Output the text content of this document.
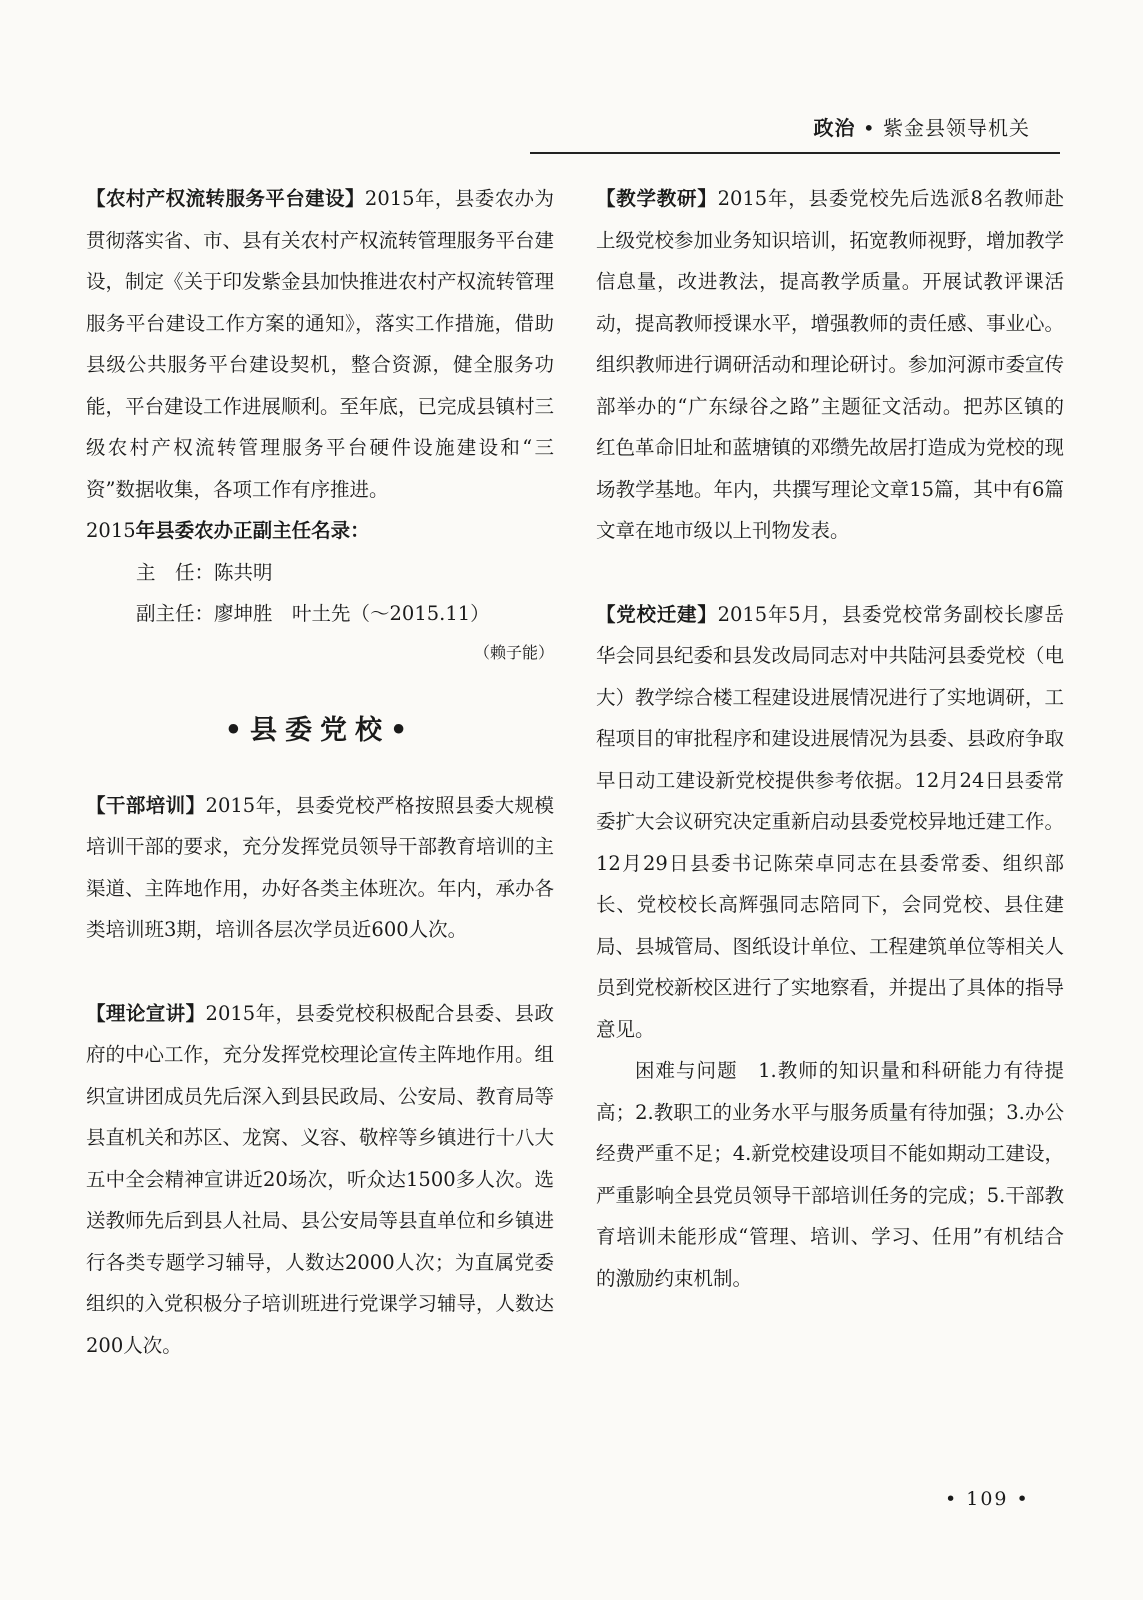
政治 • 紫金县领导机关

【农村产权流转服务平台建设】2015年，县委农办为贯彻落实省、市、县有关农村产权流转管理服务平台建设，制定《关于印发紫金县加快推进农村产权流转管理服务平台建设工作方案的通知》，落实工作措施，借助县级公共服务平台建设契机，整合资源，健全服务功能，平台建设工作进展顺利。至年底，已完成县镇村三级农村产权流转管理服务平台硬件设施建设和“三资”数据收集，各项工作有序推进。

2015年县委农办正副主任名录：

主　任：陈共明

副主任：廖坤胜　叶土先（～2015.11）

（赖子能）

•县委党校•

【干部培训】2015年，县委党校严格按照县委大规模培训干部的要求，充分发挥党员领导干部教育培训的主渠道、主阵地作用，办好各类主体班次。年内，承办各类培训班3期，培训各层次学员近600人次。

【理论宣讲】2015年，县委党校积极配合县委、县政府的中心工作，充分发挥党校理论宣传主阵地作用。组织宣讲团成员先后深入到县民政局、公安局、教育局等县直机关和苏区、龙窝、义容、敬梓等乡镇进行十八大五中全会精神宣讲近20场次，听众达1500多人次。选送教师先后到县人社局、县公安局等县直单位和乡镇进行各类专题学习辅导，人数达2000人次；为直属党委组织的入党积极分子培训班进行党课学习辅导，人数达200人次。

【教学教研】2015年，县委党校先后选派8名教师赴上级党校参加业务知识培训，拓宽教师视野，增加教学信息量，改进教法，提高教学质量。开展试教评课活动，提高教师授课水平，增强教师的责任感、事业心。组织教师进行调研活动和理论研讨。参加河源市委宣传部举办的“广东绿谷之路”主题征文活动。把苏区镇的红色革命旧址和蓝塘镇的邓缵先故居打造成为党校的现场教学基地。年内，共撰写理论文章15篇，其中有6篇文章在地市级以上刊物发表。

【党校迁建】2015年5月，县委党校常务副校长廖岳华会同县纪委和县发改局同志对中共陆河县委党校（电大）教学综合楼工程建设进展情况进行了实地调研，工程项目的审批程序和建设进展情况为县委、县政府争取早日动工建设新党校提供参考依据。12月24日县委常委扩大会议研究决定重新启动县委党校异地迁建工作。12月29日县委书记陈荣卓同志在县委常委、组织部长、党校校长高辉强同志陪同下，会同党校、县住建局、县城管局、图纸设计单位、工程建筑单位等相关人员到党校新校区进行了实地察看，并提出了具体的指导意见。

困难与问题　1.教师的知识量和科研能力有待提高；2.教职工的业务水平与服务质量有待加强；3.办公经费严重不足；4.新党校建设项目不能如期动工建设，严重影响全县党员领导干部培训任务的完成；5.干部教育培训未能形成“管理、培训、学习、任用”有机结合的激励约束机制。

• 109 •
